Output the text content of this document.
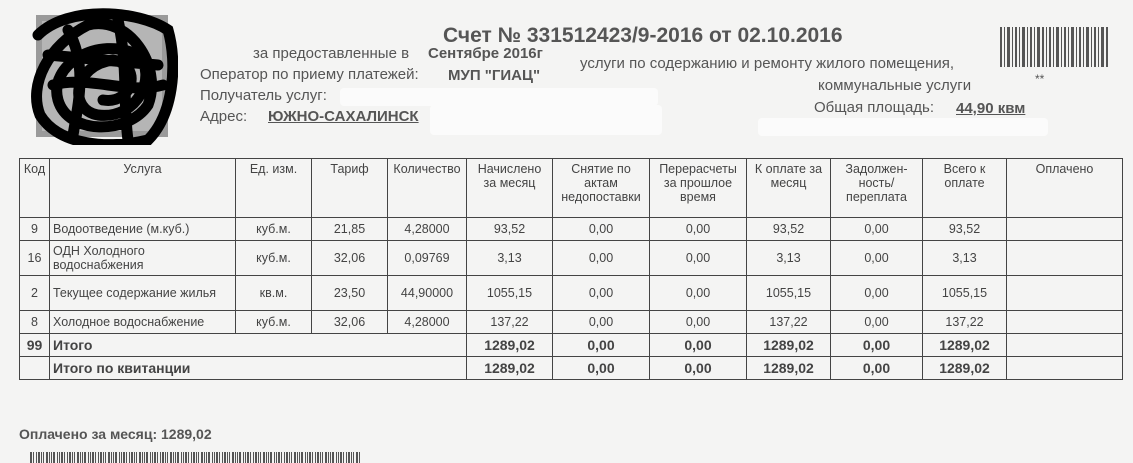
Счет № 331512423/9-2016 от 02.10.2016
за предоставленные в Сентябре 2016г
услуги по содержанию и ремонту жилого помещения,
коммунальные услуги
Оператор по приему платежей: МУП "ГИАЦ"
Получатель услуг:
Адрес: ЮЖНО-САХАЛИНСК
Общая площадь: 44,90 квм
**
Код	Услуга	Ед. изм.	Тариф	Количество	Начислено за месяц	Снятие по актам недопоставки	Перерасчеты за прошлое время	К оплате за месяц	Задолжен-ность/ переплата	Всего к оплате	Оплачено
9	Водоотведение (м.куб.)	куб.м.	21,85	4,28000	93,52	0,00	0,00	93,52	0,00	93,52	
16	ОДН Холодного водоснабжения	куб.м.	32,06	0,09769	3,13	0,00	0,00	3,13	0,00	3,13	
2	Текущее содержание жилья	кв.м.	23,50	44,90000	1055,15	0,00	0,00	1055,15	0,00	1055,15	
8	Холодное водоснабжение	куб.м.	32,06	4,28000	137,22	0,00	0,00	137,22	0,00	137,22	
99	Итого				1289,02	0,00	0,00	1289,02	0,00	1289,02	
	Итого по квитанции				1289,02	0,00	0,00	1289,02	0,00	1289,02	
Оплачено за месяц: 1289,02
